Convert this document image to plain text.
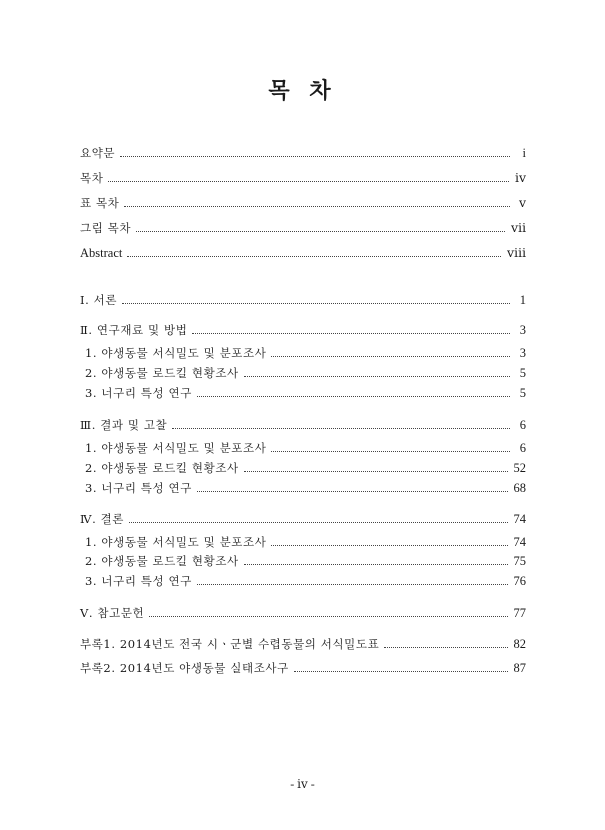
목 차
요약문	i
목차	ⅳ
표 목차	ⅴ
그림 목차	ⅶ
Abstract	ⅷ
Ⅰ. 서론	1
Ⅱ. 연구재료 및 방법	3
1. 야생동물 서식밀도 및 분포조사	3
2. 야생동물 로드킬 현황조사	5
3. 너구리 특성 연구	5
Ⅲ. 결과 및 고찰	6
1. 야생동물 서식밀도 및 분포조사	6
2. 야생동물 로드킬 현황조사	52
3. 너구리 특성 연구	68
Ⅳ. 결론	74
1. 야생동물 서식밀도 및 분포조사	74
2. 야생동물 로드킬 현황조사	75
3. 너구리 특성 연구	76
Ⅴ. 참고문헌	77
부록1. 2014년도 전국 시ㆍ군별 수렵동물의 서식밀도표	82
부록2. 2014년도 야생동물 실태조사구	87
- ⅳ -
